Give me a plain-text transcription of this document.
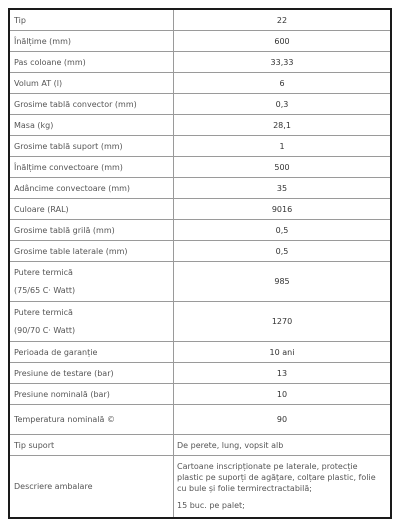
Tip	22
Înălțime (mm)	600
Pas coloane (mm)	33,33
Volum AT (l)	6
Grosime tablă convector (mm)	0,3
Masa (kg)	28,1
Grosime tablă suport (mm)	1
Înălțime convectoare (mm)	500
Adâncime convectoare (mm)	35
Culoare (RAL)	9016
Grosime tablă grilă (mm)	0,5
Grosime table laterale (mm)	0,5

Putere termică
(75/65 C· Watt)	985

Putere termică
(90/70 C· Watt)	1270
Perioada de garanție	10 ani
Presiune de testare (bar)	13
Presiune nominală (bar)	10
Temperatura nominală ©	90
Tip suport	De perete, lung, vopsit alb
Descriere ambalare	Cartoane inscripționate pe laterale, protecție plastic pe suporți de agățare, colțare plastic, folie cu bule și folie termirectractabilă;
15 buc. pe palet;
